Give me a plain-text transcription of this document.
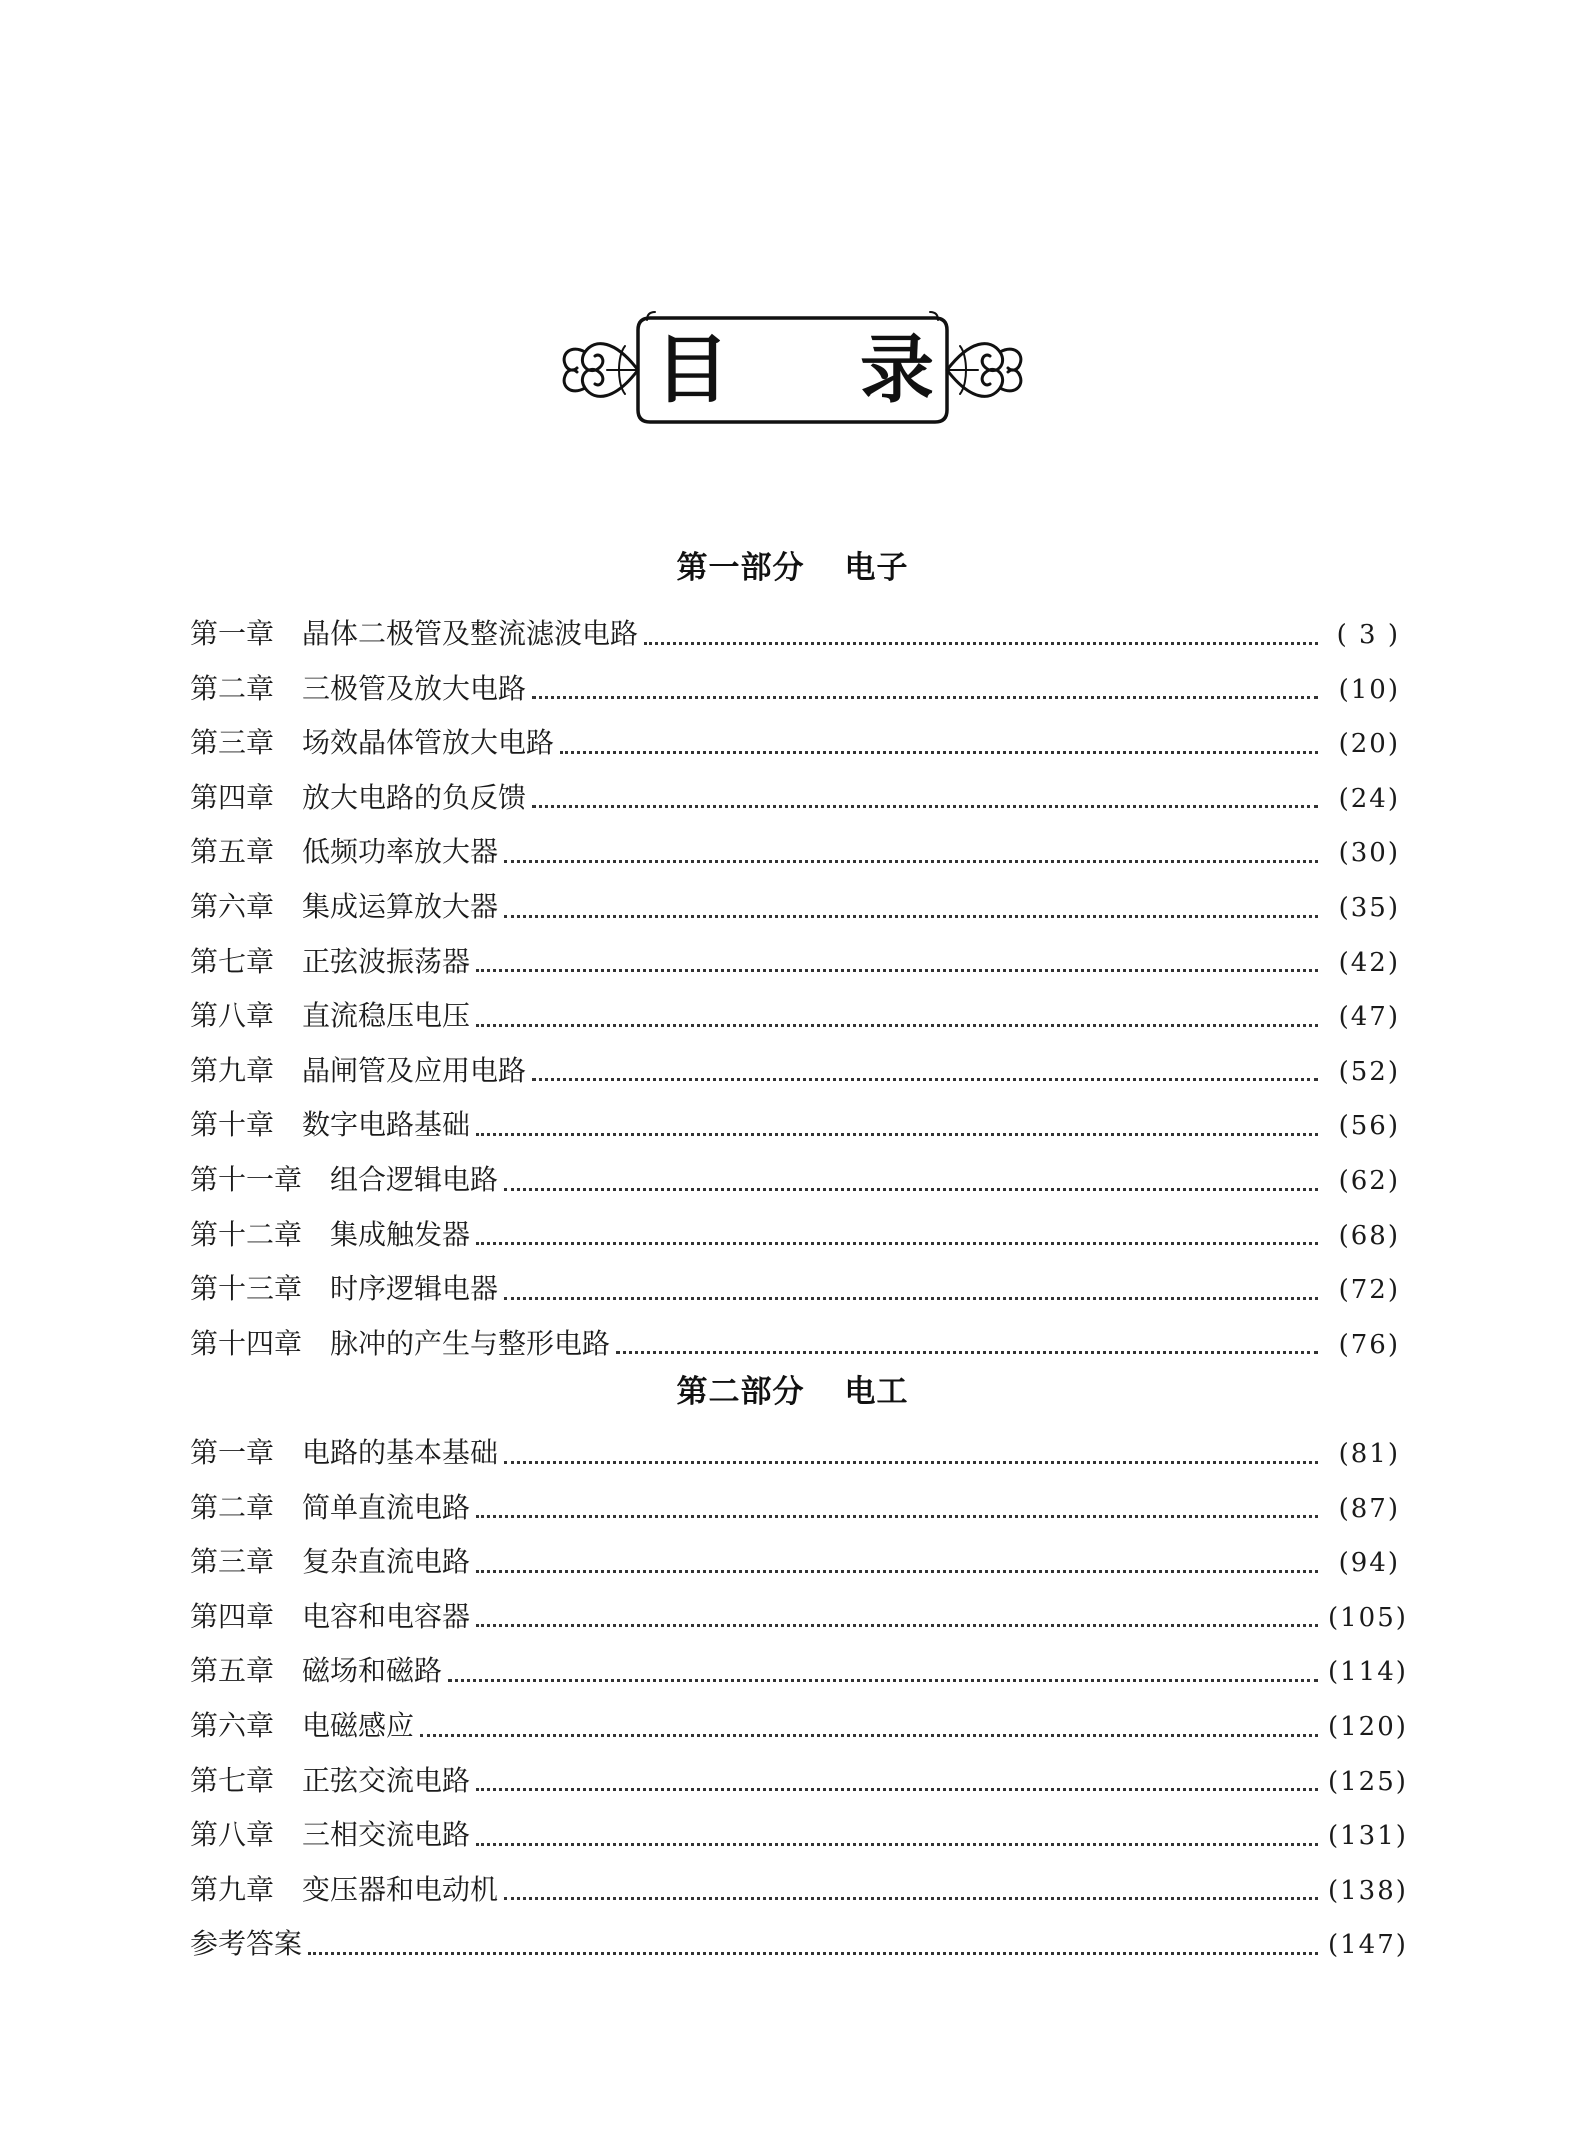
目 录
第一部分 电子
第一章 晶体二极管及整流滤波电路	( 3 )
第二章 三极管及放大电路	(10)
第三章 场效晶体管放大电路	(20)
第四章 放大电路的负反馈	(24)
第五章 低频功率放大器	(30)
第六章 集成运算放大器	(35)
第七章 正弦波振荡器	(42)
第八章 直流稳压电压	(47)
第九章 晶闸管及应用电路	(52)
第十章 数字电路基础	(56)
第十一章 组合逻辑电路	(62)
第十二章 集成触发器	(68)
第十三章 时序逻辑电器	(72)
第十四章 脉冲的产生与整形电路	(76)
第二部分 电工
第一章 电路的基本基础	(81)
第二章 简单直流电路	(87)
第三章 复杂直流电路	(94)
第四章 电容和电容器	(105)
第五章 磁场和磁路	(114)
第六章 电磁感应	(120)
第七章 正弦交流电路	(125)
第八章 三相交流电路	(131)
第九章 变压器和电动机	(138)
参考答案	(147)
